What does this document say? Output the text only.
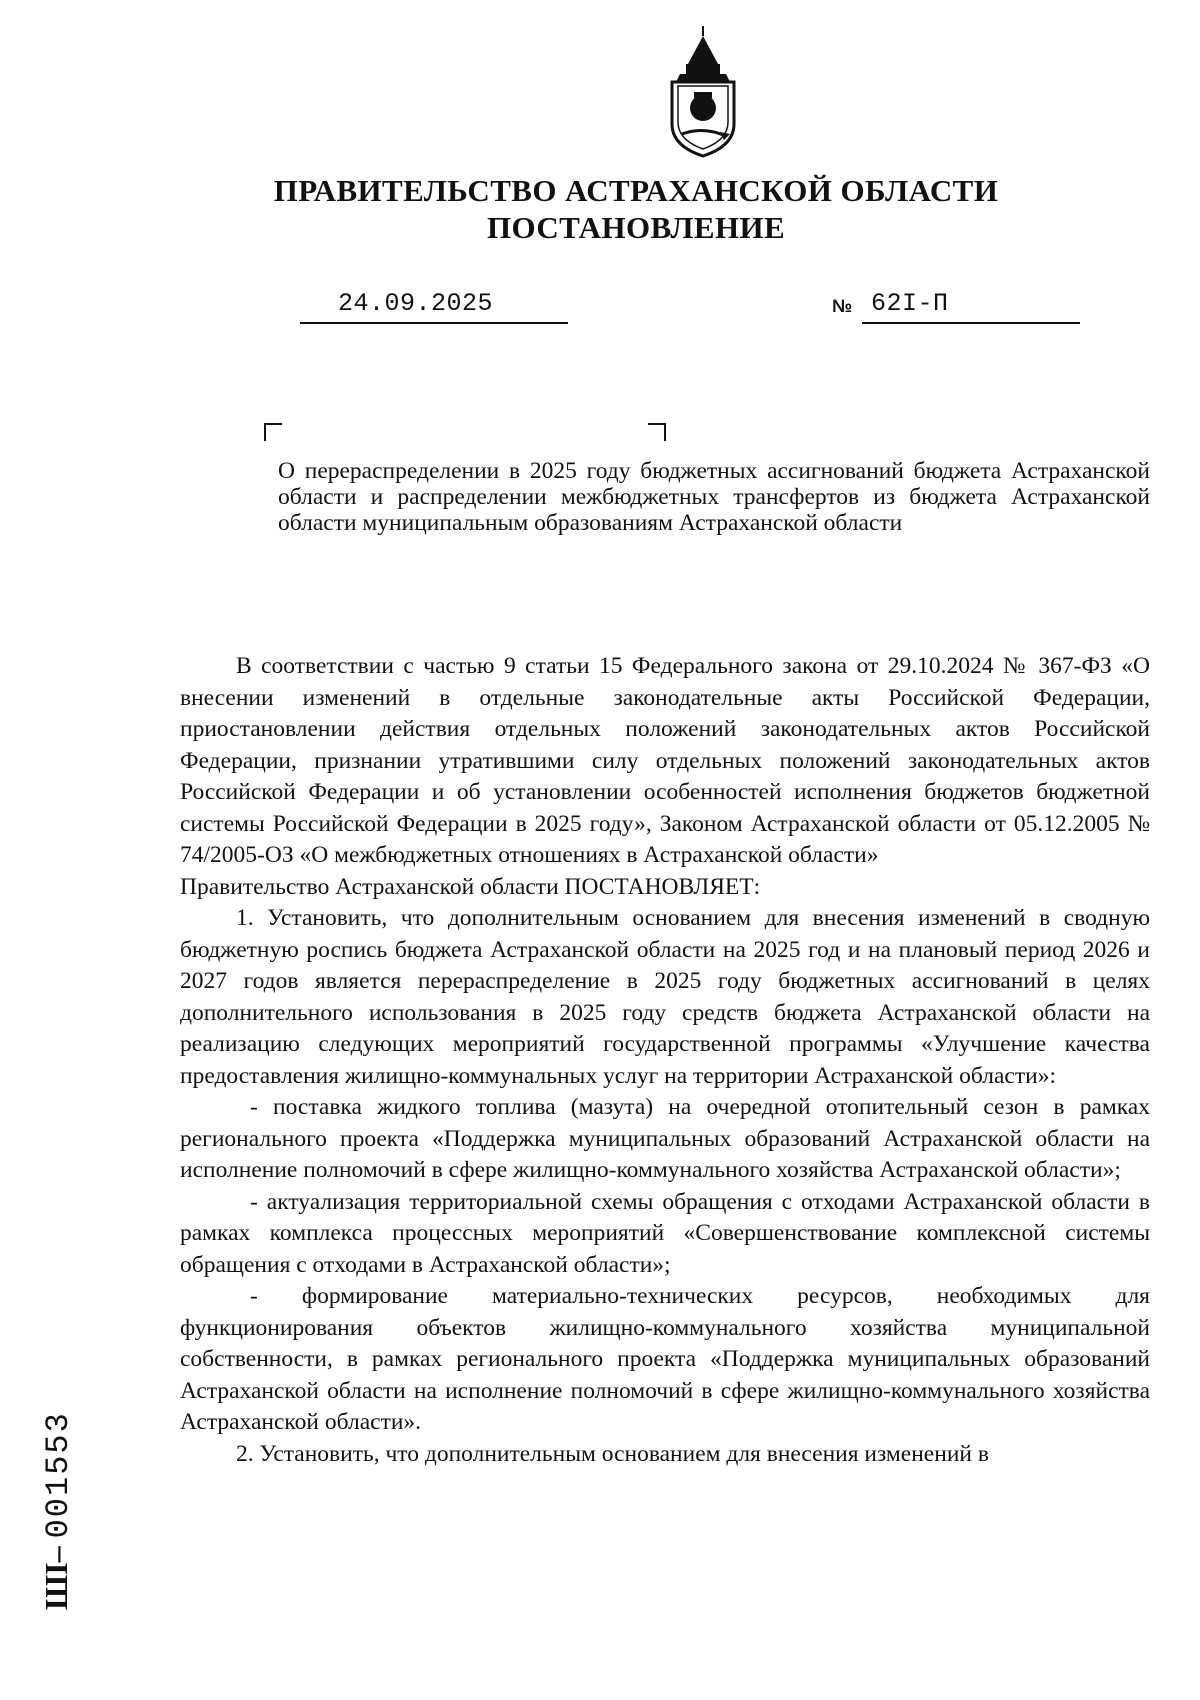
ПРАВИТЕЛЬСТВО АСТРАХАНСКОЙ ОБЛАСТИ
ПОСТАНОВЛЕНИЕ
24.09.2025	№ 62I-П
О перераспределении в 2025 году бюджетных ассигнований бюджета Астраханской области и распределении межбюджетных трансфертов из бюджета Астраханской области муниципальным образованиям Астраханской области

В соответствии с частью 9 статьи 15 Федерального закона от 29.10.2024 № 367-ФЗ «О внесении изменений в отдельные законодательные акты Российской Федерации, приостановлении действия отдельных положений законодательных актов Российской Федерации, признании утратившими силу отдельных положений законодательных актов Российской Федерации и об установлении особенностей исполнения бюджетов бюджетной системы Российской Федерации в 2025 году», Законом Астраханской области от 05.12.2005 № 74/2005-ОЗ «О межбюджетных отношениях в Астраханской области»

Правительство Астраханской области ПОСТАНОВЛЯЕТ:

1. Установить, что дополнительным основанием для внесения изменений в сводную бюджетную роспись бюджета Астраханской области на 2025 год и на плановый период 2026 и 2027 годов является перераспределение в 2025 году бюджетных ассигнований в целях дополнительного использования в 2025 году средств бюджета Астраханской области на реализацию следующих мероприятий государственной программы «Улучшение качества предоставления жилищно-коммунальных услуг на территории Астраханской области»:

- поставка жидкого топлива (мазута) на очередной отопительный сезон в рамках регионального проекта «Поддержка муниципальных образований Астраханской области на исполнение полномочий в сфере жилищно-коммунального хозяйства Астраханской области»;

- актуализация территориальной схемы обращения с отходами Астраханской области в рамках комплекса процессных мероприятий «Совершенствование комплексной системы обращения с отходами в Астраханской области»;

- формирование материально-технических ресурсов, необходимых для функционирования объектов жилищно-коммунального хозяйства муниципальной собственности, в рамках регионального проекта «Поддержка муниципальных образований Астраханской области на исполнение полномочий в сфере жилищно-коммунального хозяйства Астраханской области».

2. Установить, что дополнительным основанием для внесения изменений в

ШI– 001553
